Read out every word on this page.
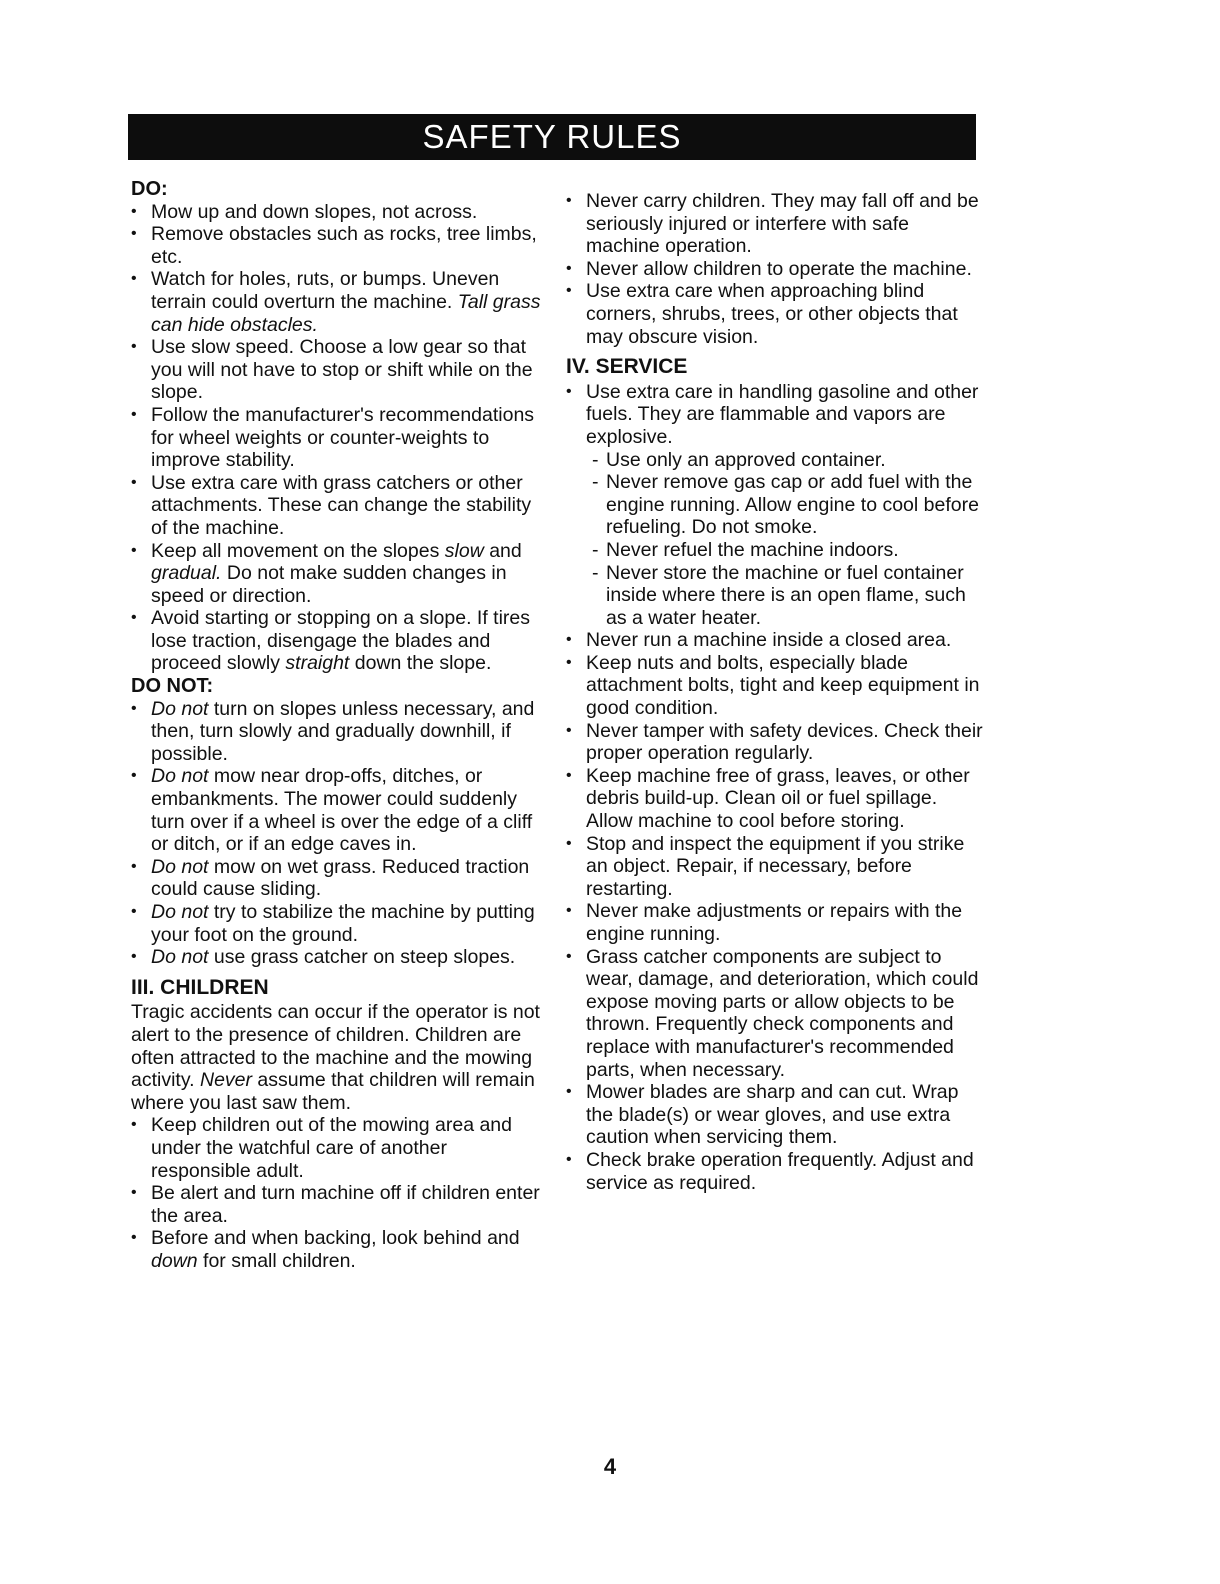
SAFETY RULES

DO:

• Mow up and down slopes, not across.
• Remove obstacles such as rocks, tree limbs, etc.
• Watch for holes, ruts, or bumps. Uneven terrain could overturn the machine. Tall grass can hide obstacles.
• Use slow speed. Choose a low gear so that you will not have to stop or shift while on the slope.
• Follow the manufacturer's recommendations for wheel weights or counter-weights to improve stability.
• Use extra care with grass catchers or other attachments. These can change the stability of the machine.
• Keep all movement on the slopes slow and gradual. Do not make sudden changes in speed or direction.
• Avoid starting or stopping on a slope. If tires lose traction, disengage the blades and proceed slowly straight down the slope.

DO NOT:

• Do not turn on slopes unless necessary, and then, turn slowly and gradually downhill, if possible.
• Do not mow near drop-offs, ditches, or embankments. The mower could suddenly turn over if a wheel is over the edge of a cliff or ditch, or if an edge caves in.
• Do not mow on wet grass. Reduced traction could cause sliding.
• Do not try to stabilize the machine by putting your foot on the ground.
• Do not use grass catcher on steep slopes.

III. CHILDREN

Tragic accidents can occur if the operator is not alert to the presence of children. Children are often attracted to the machine and the mowing activity. Never assume that children will remain where you last saw them.

• Keep children out of the mowing area and under the watchful care of another responsible adult.
• Be alert and turn machine off if children enter the area.
• Before and when backing, look behind and down for small children.
• Never carry children. They may fall off and be seriously injured or interfere with safe machine operation.
• Never allow children to operate the machine.
• Use extra care when approaching blind corners, shrubs, trees, or other objects that may obscure vision.

IV. SERVICE

• Use extra care in handling gasoline and other fuels. They are flammable and vapors are explosive.
- Use only an approved container.
- Never remove gas cap or add fuel with the engine running. Allow engine to cool before refueling. Do not smoke.
- Never refuel the machine indoors.
- Never store the machine or fuel container inside where there is an open flame, such as a water heater.
• Never run a machine inside a closed area.
• Keep nuts and bolts, especially blade attachment bolts, tight and keep equipment in good condition.
• Never tamper with safety devices. Check their proper operation regularly.
• Keep machine free of grass, leaves, or other debris build-up. Clean oil or fuel spillage. Allow machine to cool before storing.
• Stop and inspect the equipment if you strike an object. Repair, if necessary, before restarting.
• Never make adjustments or repairs with the engine running.
• Grass catcher components are subject to wear, damage, and deterioration, which could expose moving parts or allow objects to be thrown. Frequently check components and replace with manufacturer's recommended parts, when necessary.
• Mower blades are sharp and can cut. Wrap the blade(s) or wear gloves, and use extra caution when servicing them.
• Check brake operation frequently. Adjust and service as required.
4
